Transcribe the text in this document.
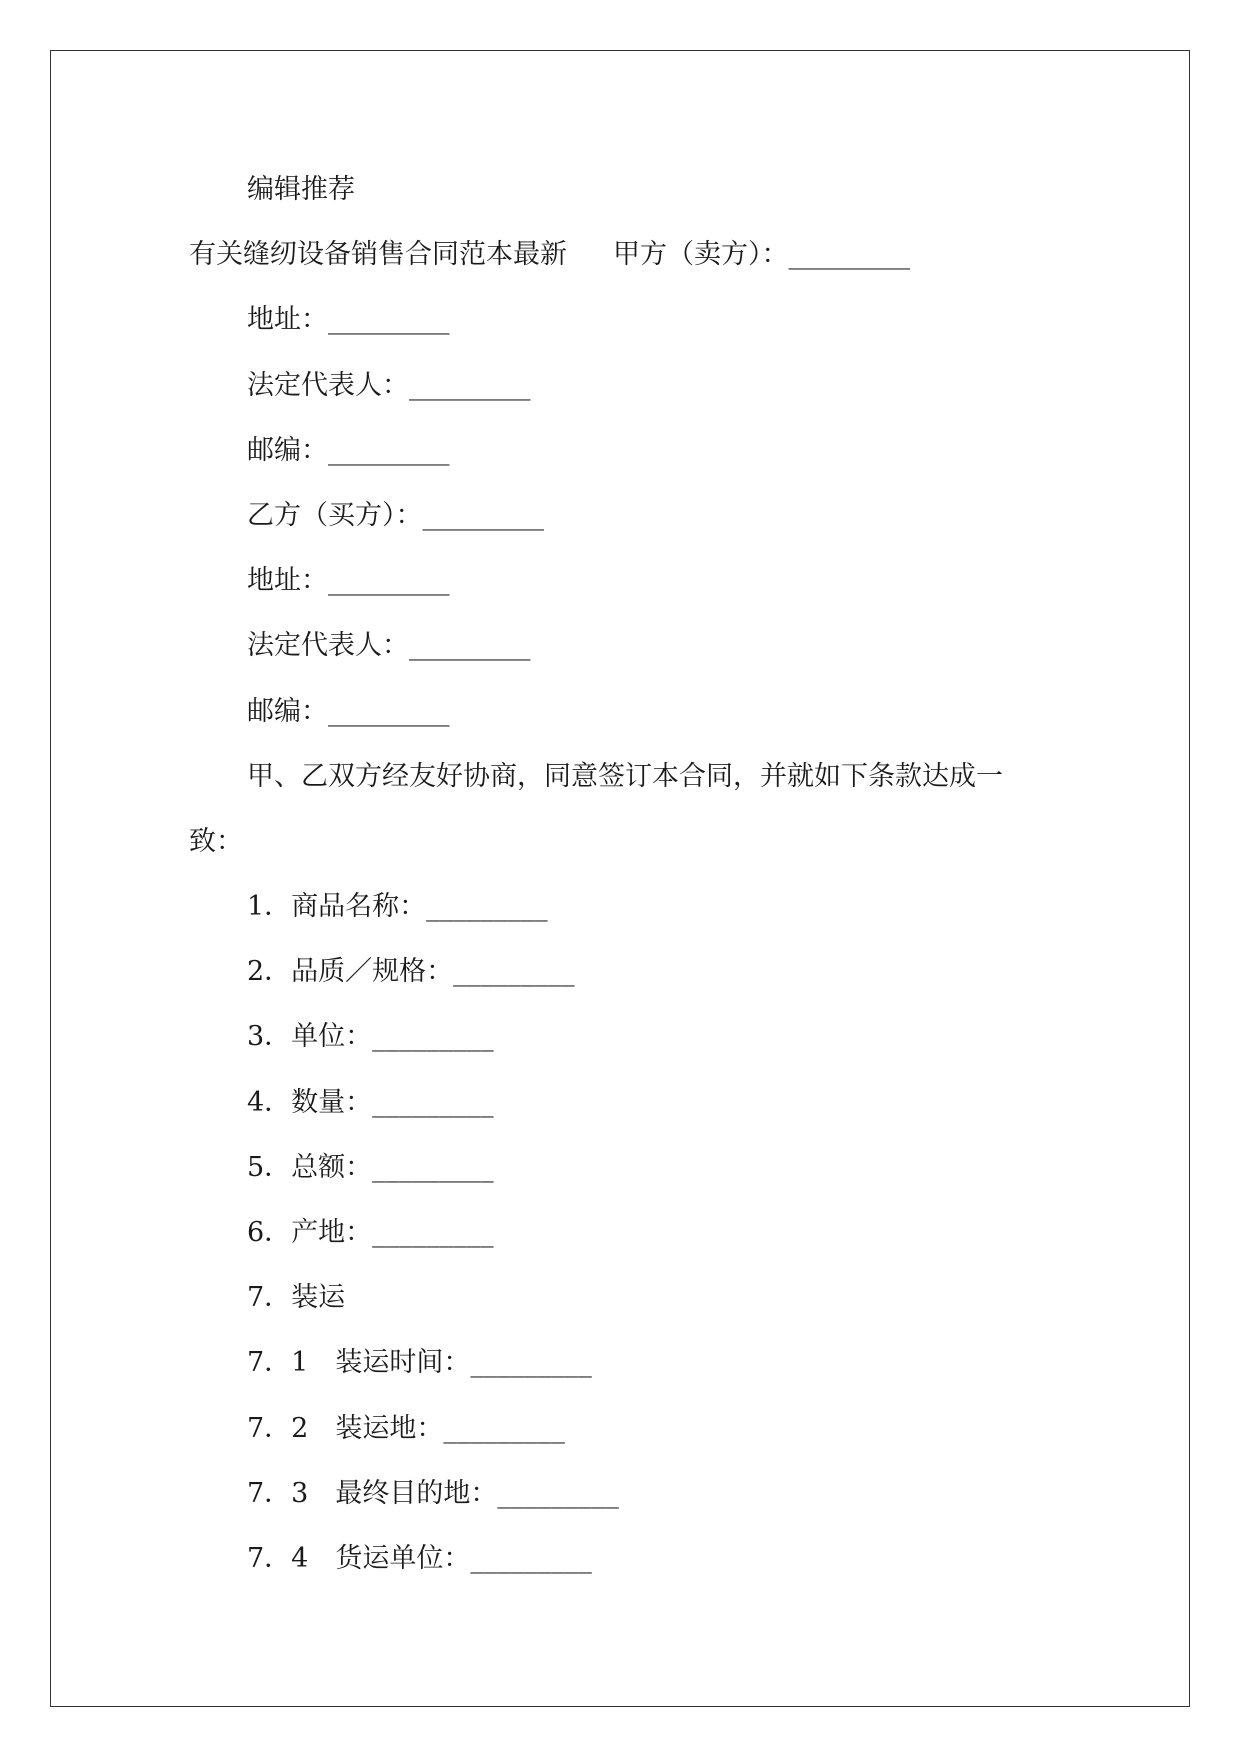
编辑推荐
有关缝纫设备销售合同范本最新 甲方（卖方）：_________
地址：_________
法定代表人：_________
邮编：_________
乙方（买方）：_________
地址：_________
法定代表人：_________
邮编：_________
甲、乙双方经友好协商，同意签订本合同，并就如下条款达成一
致：
1．商品名称：_________
2．品质／规格：_________
3．单位：_________
4．数量：_________
5．总额：_________
6．产地：_________
7．装运
7．1　装运时间：_________
7．2　装运地：_________
7．3　最终目的地：_________
7．4　货运单位：_________
